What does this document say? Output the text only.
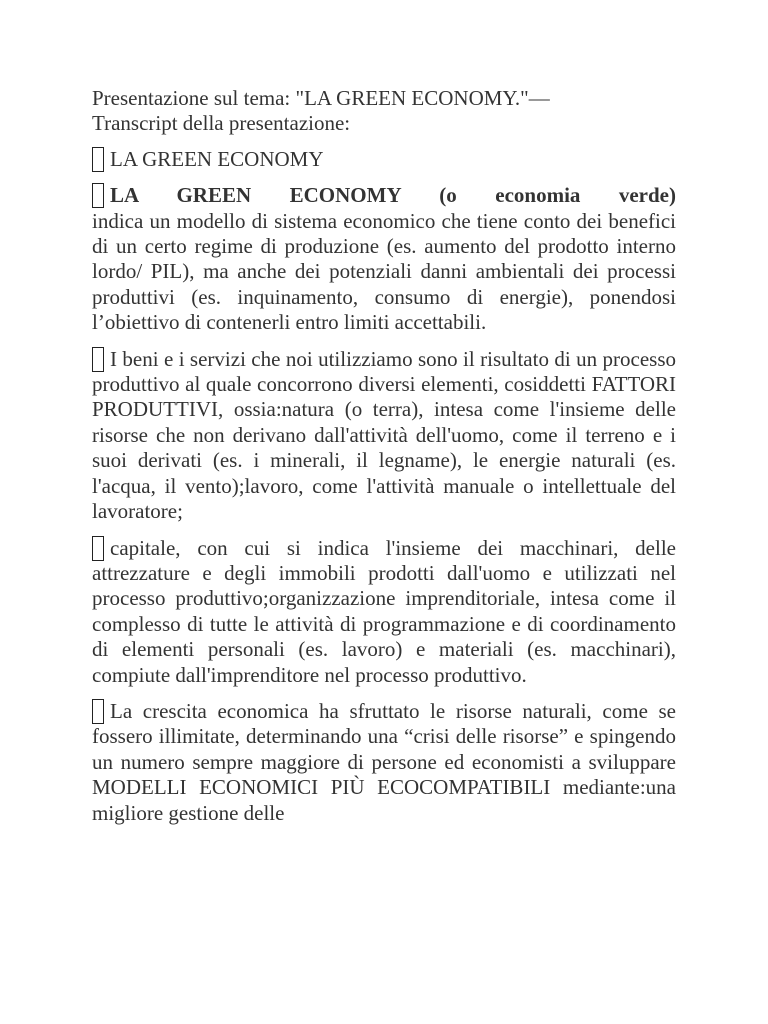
Presentazione sul tema: "LA GREEN ECONOMY."—
Transcript della presentazione:

LA GREEN ECONOMY

LA GREEN ECONOMY (o economia verde)
indica un modello di sistema economico che tiene conto dei benefici di un certo regime di produzione (es. aumento del prodotto interno lordo/ PIL), ma anche dei potenziali danni ambientali dei processi produttivi (es. inquinamento, consumo di energie), ponendosi l’obiettivo di contenerli entro limiti accettabili.

I beni e i servizi che noi utilizziamo sono il risultato di un processo produttivo al quale concorrono diversi elementi, cosiddetti FATTORI PRODUTTIVI, ossia:natura (o terra), intesa come l'insieme delle risorse che non derivano dall'attività dell'uomo, come il terreno e i suoi derivati (es. i minerali, il legname), le energie naturali (es. l'acqua, il vento);lavoro, come l'attività manuale o intellettuale del lavoratore;

capitale, con cui si indica l'insieme dei macchinari, delle attrezzature e degli immobili prodotti dall'uomo e utilizzati nel processo produttivo;organizzazione imprenditoriale, intesa come il complesso di tutte le attività di programmazione e di coordinamento di elementi personali (es. lavoro) e materiali (es. macchinari), compiute dall'imprenditore nel processo produttivo.

La crescita economica ha sfruttato le risorse naturali, come se fossero illimitate, determinando una “crisi delle risorse” e spingendo un numero sempre maggiore di persone ed economisti a sviluppare MODELLI ECONOMICI PIÙ ECOCOMPATIBILI mediante:una migliore gestione delle
